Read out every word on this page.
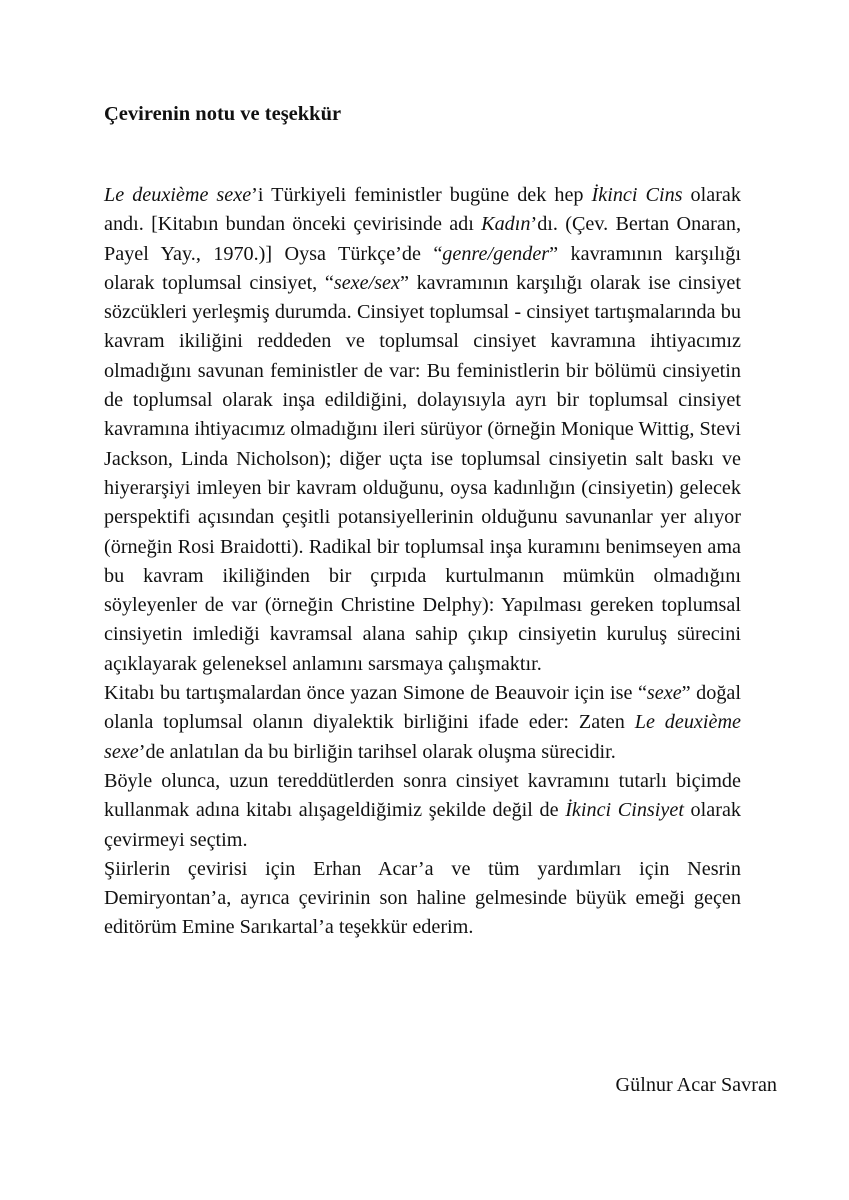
Çevirenin notu ve teşekkür

Le deuxième sexe’i Türkiyeli feministler bugüne dek hep İkinci Cins olarak andı. [Kitabın bundan önceki çevirisinde adı Kadın’dı. (Çev. Bertan Onaran, Payel Yay., 1970.)] Oysa Türkçe’de “genre/gender” kavramının karşılığı olarak toplumsal cinsiyet, “sexe/sex” kavramının karşılığı olarak ise cinsiyet sözcükleri yerleşmiş durumda. Cinsiyet toplumsal - cinsiyet tartışmalarında bu kavram ikiliğini reddeden ve toplumsal cinsiyet kavramına ihtiyacımız olmadığını savunan feministler de var: Bu feministlerin bir bölümü cinsiyetin de toplumsal olarak inşa edildiğini, dolayısıyla ayrı bir toplumsal cinsiyet kavramına ihtiyacımız olmadığını ileri sürüyor (örneğin Monique Wittig, Stevi Jackson, Linda Nicholson); diğer uçta ise toplumsal cinsiyetin salt baskı ve hiyerarşiyi imleyen bir kavram olduğunu, oysa kadınlığın (cinsiyetin) gelecek perspektifi açısından çeşitli potansiyellerinin olduğunu savunanlar yer alıyor (örneğin Rosi Braidotti). Radikal bir toplumsal inşa kuramını benimseyen ama bu kavram ikiliğinden bir çırpıda kurtulmanın mümkün olmadığını söyleyenler de var (örneğin Christine Delphy): Yapılması gereken toplumsal cinsiyetin imlediği kavramsal alana sahip çıkıp cinsiyetin kuruluş sürecini açıklayarak geleneksel anlamını sarsmaya çalışmaktır.

Kitabı bu tartışmalardan önce yazan Simone de Beauvoir için ise “sexe” doğal olanla toplumsal olanın diyalektik birliğini ifade eder: Zaten Le deuxième sexe’de anlatılan da bu birliğin tarihsel olarak oluşma sürecidir.

Böyle olunca, uzun tereddütlerden sonra cinsiyet kavramını tutarlı biçimde kullanmak adına kitabı alışageldiğimiz şekilde değil de İkinci Cinsiyet olarak çevirmeyi seçtim.

Şiirlerin çevirisi için Erhan Acar’a ve tüm yardımları için Nesrin Demiryontan’a, ayrıca çevirinin son haline gelmesinde büyük emeği geçen editörüm Emine Sarıkartal’a teşekkür ederim.

Gülnur Acar Savran
